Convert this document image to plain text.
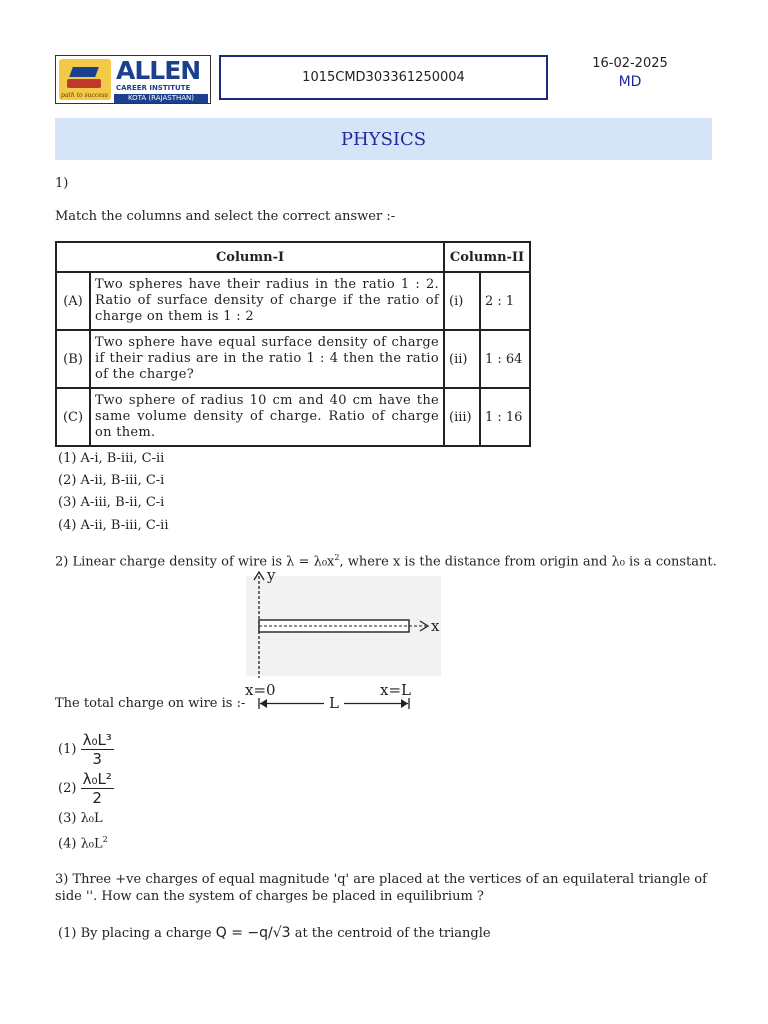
path to success
ALLEN
CAREER INSTITUTE
KOTA (RAJASTHAN)
1015CMD303361250004
16-02-2025
MD
PHYSICS
1)
Match the columns and select the correct answer :-
Column-I		Column-II	
(A)	Two spheres have their radius in the ratio 1 : 2. Ratio of surface density of charge if the ratio of charge on them is 1 : 2	(i)	2 : 1
(B)	Two sphere have equal surface density of charge if their radius are in the ratio 1 : 4 then the ratio of the charge?	(ii)	1 : 64
(C)	Two sphere of radius 10 cm and 40 cm have the same volume density of charge. Ratio of charge on them.	(iii)	1 : 16
(1) A-i, B-iii, C-ii
(2) A-ii, B-iii, C-i
(3) A-iii, B-ii, C-i
(4) A-ii, B-iii, C-ii
2) Linear charge density of wire is $\lambda = \lambda_0x^2$, where x is the distance from origin and λ₀ is a constant.
y
x
x=0	x=L
L
The total charge on wire is :-
$(1) \frac{\text{λ₀L³}}{3}$
$(2) \frac{\text{λ₀L²}}{2}$
(3) λ₀L
(4) $\lambda_0L^2$
3) Three +ve charges of equal magnitude 'q' are placed at the vertices of an equilateral triangle of
side ''. How can the system of charges be placed in equilibrium ?
(1) By placing a charge Q = −q/√3 at the centroid of the triangle
